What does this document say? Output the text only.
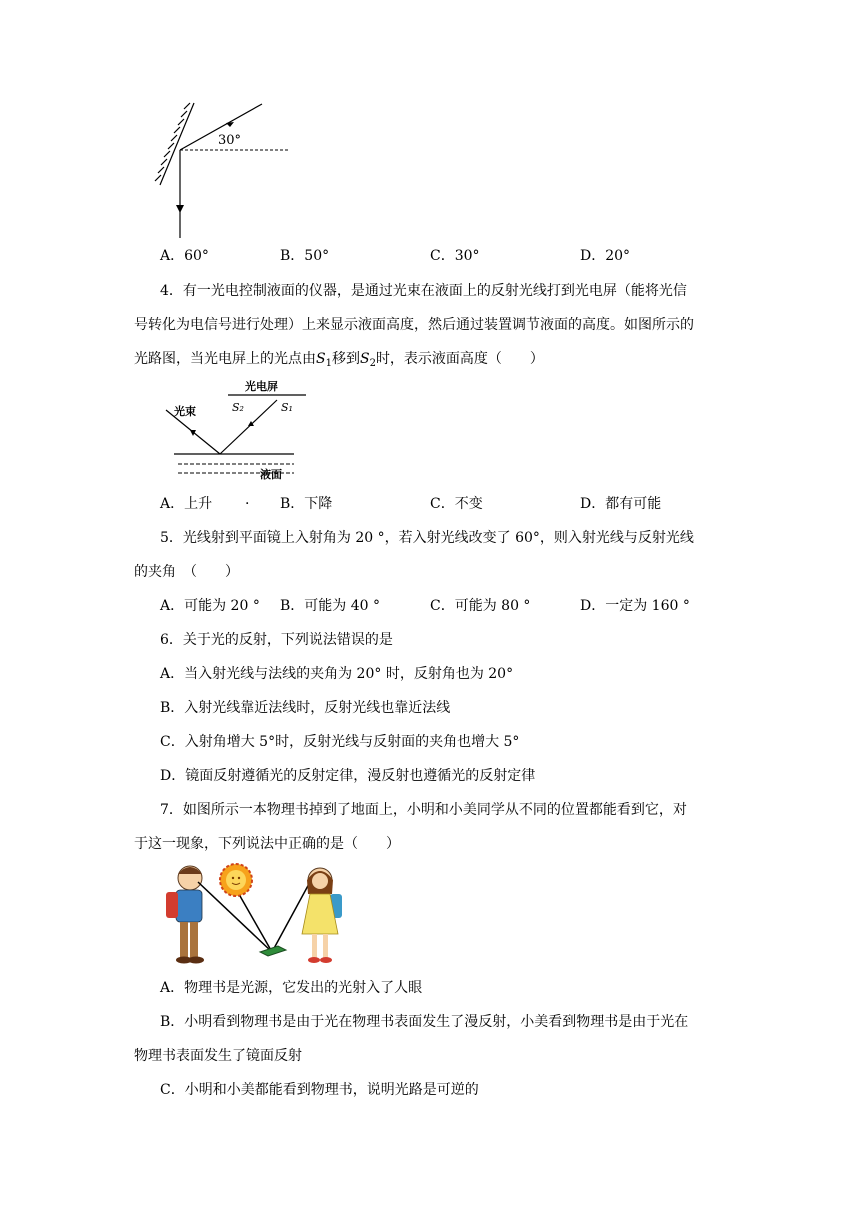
30°
A．60°	B．50°	C．30°	D．20°
4．有一光电控制液面的仪器，是通过光束在液面上的反射光线打到光电屏（能将光信
号转化为电信号进行处理）上来显示液面高度，然后通过装置调节液面的高度。如图所示的
光路图，当光电屏上的光点由$S_1$移到$S_2$时，表示液面高度（　　）
光电屏
S₂	S₁
光束
液面
A．上升 · B．下降	C．不变	D．都有可能
5．光线射到平面镜上入射角为 20 °，若入射光线改变了 60°，则入射光线与反射光线
的夹角　（　　）
A．可能为 20 ° B．可能为 40 °	C．可能为 80 °	D．一定为 160 °
6．关于光的反射，下列说法错误的是
A．当入射光线与法线的夹角为 20° 时，反射角也为 20°
B．入射光线靠近法线时，反射光线也靠近法线
C．入射角增大 5°时，反射光线与反射面的夹角也增大 5°
D．镜面反射遵循光的反射定律，漫反射也遵循光的反射定律
7．如图所示一本物理书掉到了地面上，小明和小美同学从不同的位置都能看到它，对
于这一现象，下列说法中正确的是（　　）
A．物理书是光源，它发出的光射入了人眼
B．小明看到物理书是由于光在物理书表面发生了漫反射，小美看到物理书是由于光在
物理书表面发生了镜面反射
C．小明和小美都能看到物理书，说明光路是可逆的
